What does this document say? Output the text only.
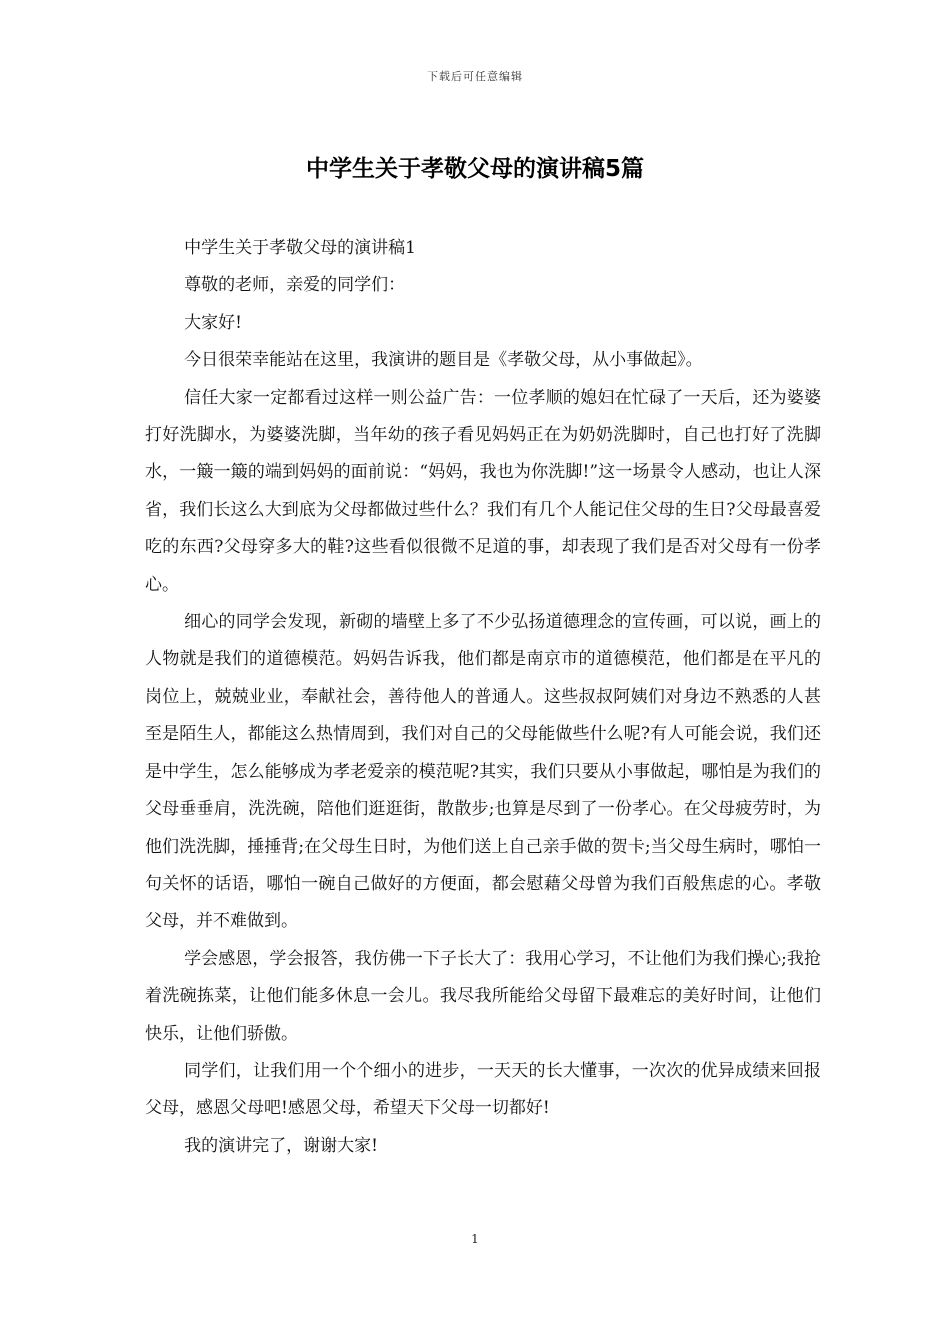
下载后可任意编辑
中学生关于孝敬父母的演讲稿5篇

中学生关于孝敬父母的演讲稿1

尊敬的老师，亲爱的同学们：

大家好!

今日很荣幸能站在这里，我演讲的题目是《孝敬父母，从小事做起》。

信任大家一定都看过这样一则公益广告：一位孝顺的媳妇在忙碌了一天后，还为婆婆打好洗脚水，为婆婆洗脚，当年幼的孩子看见妈妈正在为奶奶洗脚时，自己也打好了洗脚水，一簸一簸的端到妈妈的面前说：“妈妈，我也为你洗脚!”这一场景令人感动，也让人深省，我们长这么大到底为父母都做过些什么？我们有几个人能记住父母的生日?父母最喜爱吃的东西?父母穿多大的鞋?这些看似很微不足道的事，却表现了我们是否对父母有一份孝心。

细心的同学会发现，新砌的墙壁上多了不少弘扬道德理念的宣传画，可以说，画上的人物就是我们的道德模范。妈妈告诉我，他们都是南京市的道德模范，他们都是在平凡的岗位上，兢兢业业，奉献社会，善待他人的普通人。这些叔叔阿姨们对身边不熟悉的人甚至是陌生人，都能这么热情周到，我们对自己的父母能做些什么呢?有人可能会说，我们还是中学生，怎么能够成为孝老爱亲的模范呢?其实，我们只要从小事做起，哪怕是为我们的父母垂垂肩，洗洗碗，陪他们逛逛街，散散步;也算是尽到了一份孝心。在父母疲劳时，为他们洗洗脚，捶捶背;在父母生日时，为他们送上自己亲手做的贺卡;当父母生病时，哪怕一句关怀的话语，哪怕一碗自己做好的方便面，都会慰藉父母曾为我们百般焦虑的心。孝敬父母，并不难做到。

学会感恩，学会报答，我仿佛一下子长大了：我用心学习，不让他们为我们操心;我抢着洗碗拣菜，让他们能多休息一会儿。我尽我所能给父母留下最难忘的美好时间，让他们快乐，让他们骄傲。

同学们，让我们用一个个细小的进步，一天天的长大懂事，一次次的优异成绩来回报父母，感恩父母吧!感恩父母，希望天下父母一切都好!

我的演讲完了，谢谢大家!

1
